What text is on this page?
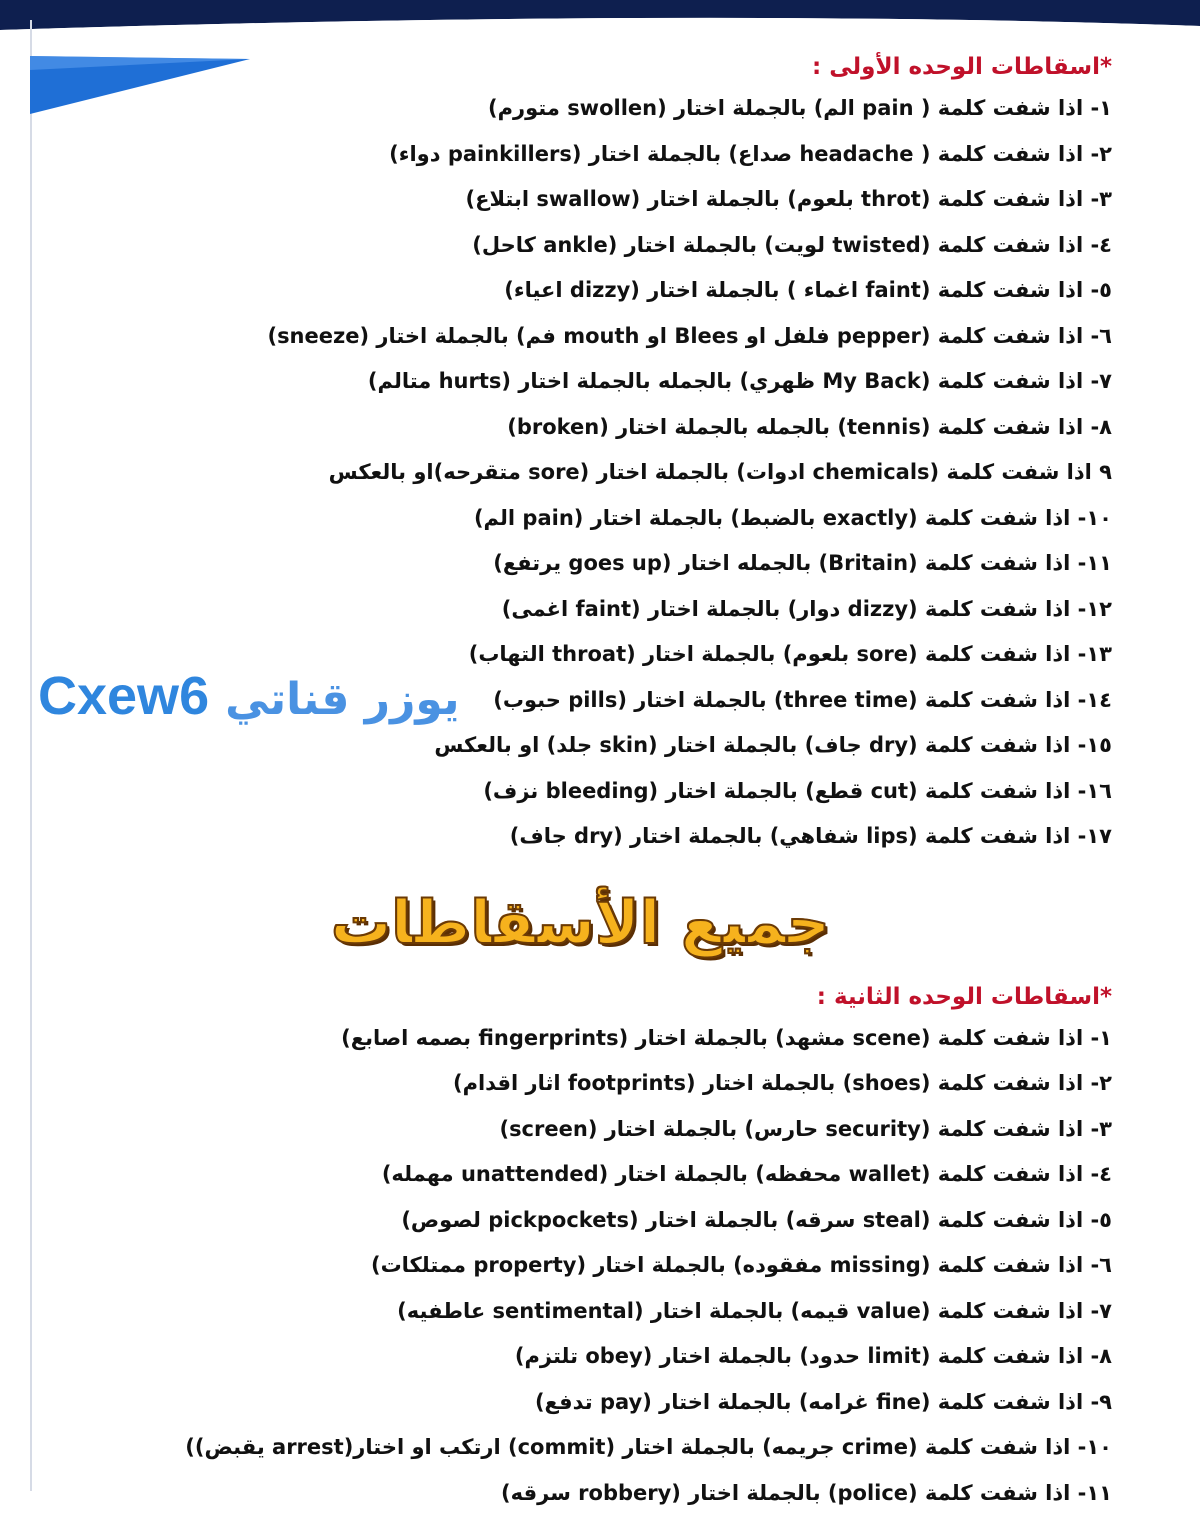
*اسقاطات الوحده الأولى :
١- اذا شفت كلمة ( pain الم) بالجملة اختار (swollen متورم)
٢- اذا شفت كلمة ( headache صداع) بالجملة اختار (painkillers دواء)
٣- اذا شفت كلمة (throt بلعوم) بالجملة اختار (swallow ابتلاع)
٤- اذا شفت كلمة (twisted لويت) بالجملة اختار (ankle كاحل)
٥- اذا شفت كلمة (faint اغماء ) بالجملة اختار (dizzy اعياء)
٦- اذا شفت كلمة (pepper فلفل او Blees او mouth فم) بالجملة اختار (sneeze)
٧- اذا شفت كلمة (My Back ظهري) بالجمله بالجملة اختار (hurts متالم)
٨- اذا شفت كلمة (tennis) بالجمله بالجملة اختار (broken)
٩ اذا شفت كلمة (chemicals ادوات) بالجملة اختار (sore متقرحه)او بالعكس
١٠- اذا شفت كلمة (exactly بالضبط) بالجملة اختار (pain الم)
١١- اذا شفت كلمة (Britain) بالجمله اختار (goes up يرتفع)
١٢- اذا شفت كلمة (dizzy دوار) بالجملة اختار (faint اغمى)
١٣- اذا شفت كلمة (sore بلعوم) بالجملة اختار (throat التهاب)
١٤- اذا شفت كلمة (three time) بالجملة اختار (pills حبوب)
١٥- اذا شفت كلمة (dry جاف) بالجملة اختار (skin جلد) او بالعكس
١٦- اذا شفت كلمة (cut قطع) بالجملة اختار (bleeding نزف)
١٧- اذا شفت كلمة (lips شفاهي) بالجملة اختار (dry جاف)
*اسقاطات الوحده الثانية :
١- اذا شفت كلمة (scene مشهد) بالجملة اختار (fingerprints بصمه اصابع)
٢- اذا شفت كلمة (shoes) بالجملة اختار (footprints اثار اقدام)
٣- اذا شفت كلمة (security حارس) بالجملة اختار (screen)
٤- اذا شفت كلمة (wallet محفظه) بالجملة اختار (unattended مهمله)
٥- اذا شفت كلمة (steal سرقه) بالجملة اختار (pickpockets لصوص)
٦- اذا شفت كلمة (missing مفقوده) بالجملة اختار (property ممتلكات)
٧- اذا شفت كلمة (value قيمه) بالجملة اختار (sentimental عاطفيه)
٨- اذا شفت كلمة (limit حدود) بالجملة اختار (obey تلتزم)
٩- اذا شفت كلمة (fine غرامه) بالجملة اختار (pay تدفع)
١٠- اذا شفت كلمة (crime جريمه) بالجملة اختار (commit) ارتكب او اختار(arrest يقبض))
١١- اذا شفت كلمة (police) بالجملة اختار (robbery سرقه)
Cxew6 يوزر قناتي
جميع الأسقاطات
